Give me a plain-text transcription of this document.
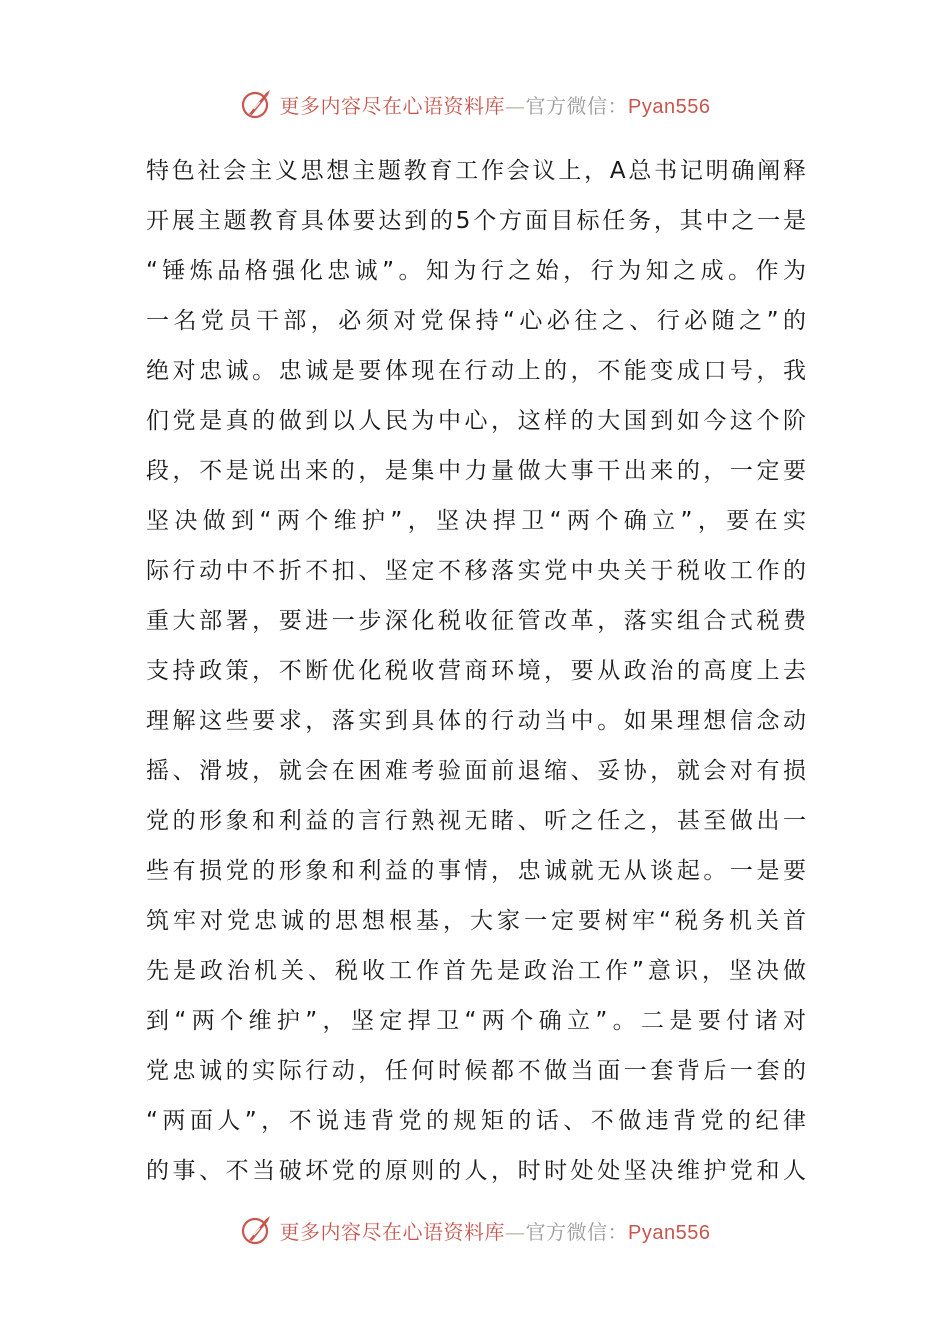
更多内容尽在心语资料库—官方微信：Pyan556
特色社会主义思想主题教育工作会议上，A总书记明确阐释
开展主题教育具体要达到的5个方面目标任务，其中之一是
“锤炼品格强化忠诚”。知为行之始，行为知之成。作为
一名党员干部，必须对党保持“心必往之、行必随之”的
绝对忠诚。忠诚是要体现在行动上的，不能变成口号，我
们党是真的做到以人民为中心，这样的大国到如今这个阶
段，不是说出来的，是集中力量做大事干出来的，一定要
坚决做到“两个维护”，坚决捍卫“两个确立”，要在实
际行动中不折不扣、坚定不移落实党中央关于税收工作的
重大部署，要进一步深化税收征管改革，落实组合式税费
支持政策，不断优化税收营商环境，要从政治的高度上去
理解这些要求，落实到具体的行动当中。如果理想信念动
摇、滑坡，就会在困难考验面前退缩、妥协，就会对有损
党的形象和利益的言行熟视无睹、听之任之，甚至做出一
些有损党的形象和利益的事情，忠诚就无从谈起。一是要
筑牢对党忠诚的思想根基，大家一定要树牢“税务机关首
先是政治机关、税收工作首先是政治工作”意识，坚决做
到“两个维护”，坚定捍卫“两个确立”。二是要付诸对
党忠诚的实际行动，任何时候都不做当面一套背后一套的
“两面人”，不说违背党的规矩的话、不做违背党的纪律
的事、不当破坏党的原则的人，时时处处坚决维护党和人
更多内容尽在心语资料库—官方微信：Pyan556
